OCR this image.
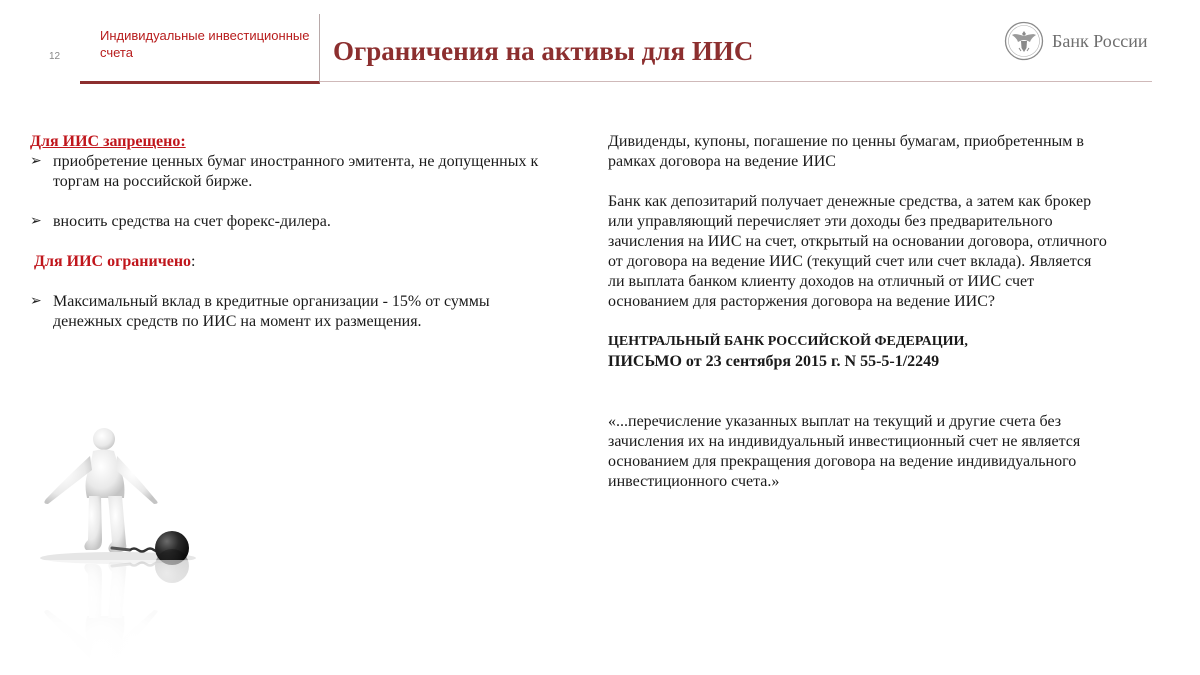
12
Индивидуальные инвестиционные счета	Ограничения на активы для ИИС	Банк России
Для ИИС запрещено:
➢ приобретение ценных бумаг иностранного эмитента, не допущенных к торгам на российской бирже.
➢ вносить средства на счет форекс-дилера.
Для ИИС ограничено:
➢ Максимальный вклад в кредитные организации - 15% от суммы денежных средств по ИИС на момент их размещения.

Дивиденды, купоны, погашение по ценны бумагам, приобретенным в рамках договора на ведение ИИС

Банк как депозитарий получает денежные средства, а затем как брокер или управляющий перечисляет эти доходы без предварительного зачисления на ИИС на счет, открытый на основании договора, отличного от договора на ведение ИИС (текущий счет или счет вклада). Является ли выплата банком клиенту доходов на отличный от ИИС счет основанием для расторжения договора на ведение ИИС?

ЦЕНТРАЛЬНЫЙ БАНК РОССИЙСКОЙ ФЕДЕРАЦИИ,

ПИСЬМО от 23 сентября 2015 г. N 55-5-1/2249

«...перечисление указанных выплат на текущий и другие счета без зачисления их на индивидуальный инвестиционный счет не является основанием для прекращения договора на ведение индивидуального инвестиционного счета.»
